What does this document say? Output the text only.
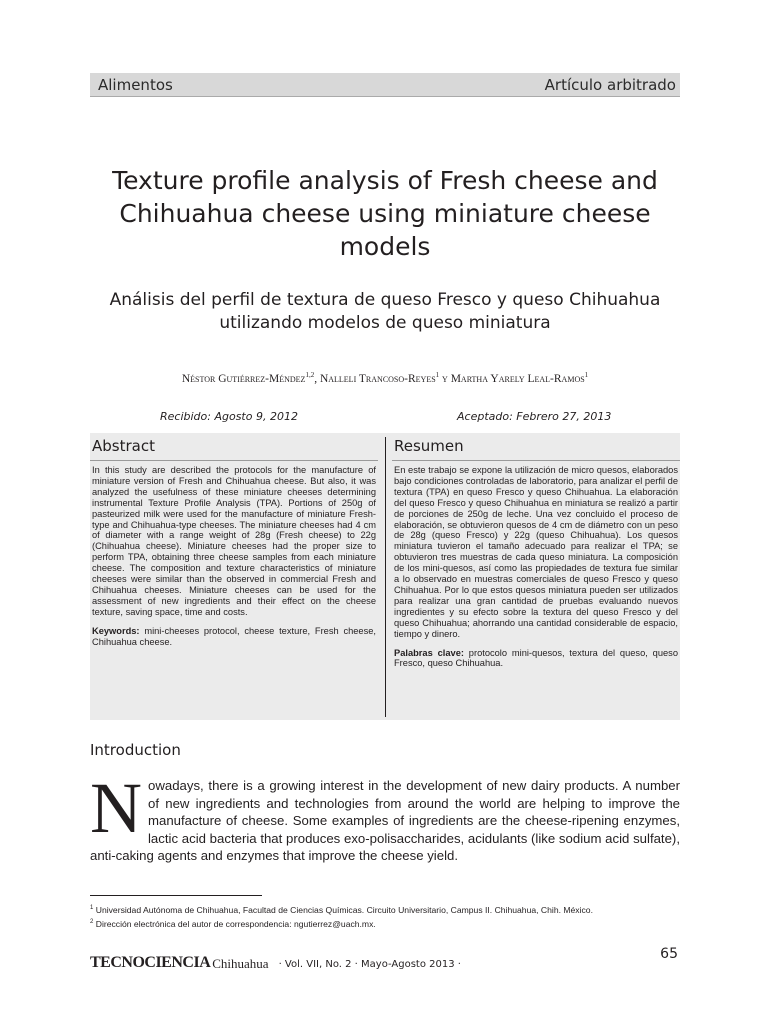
Alimentos	Artículo arbitrado
Texture profile analysis of Fresh cheese and Chihuahua cheese using miniature cheese models
Análisis del perfil de textura de queso Fresco y queso Chihuahua utilizando modelos de queso miniatura
Néstor Gutiérrez-Méndez$^{1,2}$, Nalleli Trancoso-Reyes$^1$ y Martha Yarely Leal-Ramos$^1$
Recibido: Agosto 9, 2012	Aceptado: Febrero 27, 2013
Abstract
In this study are described the protocols for the manufacture of miniature version of Fresh and Chihuahua cheese. But also, it was analyzed the usefulness of these miniature cheeses determining instrumental Texture Profile Analysis (TPA). Portions of 250g of pasteurized milk were used for the manufacture of miniature Fresh-type and Chihuahua-type cheeses. The miniature cheeses had 4 cm of diameter with a range weight of 28g (Fresh cheese) to 22g (Chihuahua cheese). Miniature cheeses had the proper size to perform TPA, obtaining three cheese samples from each miniature cheese. The composition and texture characteristics of miniature cheeses were similar than the observed in commercial Fresh and Chihuahua cheeses. Miniature cheeses can be used for the assessment of new ingredients and their effect on the cheese texture, saving space, time and costs.
Keywords: mini-cheeses protocol, cheese texture, Fresh cheese, Chihuahua cheese.
Resumen
En este trabajo se expone la utilización de micro quesos, elaborados bajo condiciones controladas de laboratorio, para analizar el perfil de textura (TPA) en queso Fresco y queso Chihuahua. La elaboración del queso Fresco y queso Chihuahua en miniatura se realizó a partir de porciones de 250g de leche. Una vez concluido el proceso de elaboración, se obtuvieron quesos de 4 cm de diámetro con un peso de 28g (queso Fresco) y 22g (queso Chihuahua). Los quesos miniatura tuvieron el tamaño adecuado para realizar el TPA; se obtuvieron tres muestras de cada queso miniatura. La composición de los mini-quesos, así como las propiedades de textura fue similar a lo observado en muestras comerciales de queso Fresco y queso Chihuahua. Por lo que estos quesos miniatura pueden ser utilizados para realizar una gran cantidad de pruebas evaluando nuevos ingredientes y su efecto sobre la textura del queso Fresco y del queso Chihuahua; ahorrando una cantidad considerable de espacio, tiempo y dinero.
Palabras clave: protocolo mini-quesos, textura del queso, queso Fresco, queso Chihuahua.
Introduction
Nowadays, there is a growing interest in the development of new dairy products. A number of new ingredients and technologies from around the world are helping to improve the manufacture of cheese. Some examples of ingredients are the cheese-ripening enzymes, lactic acid bacteria that produces exo-polisaccharides, acidulants (like sodium acid sulfate), anti-caking agents and enzymes that improve the cheese yield.
$^1$ Universidad Autónoma de Chihuahua, Facultad de Ciencias Químicas. Circuito Universitario, Campus II. Chihuahua, Chih. México.
$^2$ Dirección electrónica del autor de correspondencia: ngutierrez@uach.mx.
TECNOCIENCIA Chihuahua · Vol. VII, No. 2 · Mayo-Agosto 2013 ·
65
